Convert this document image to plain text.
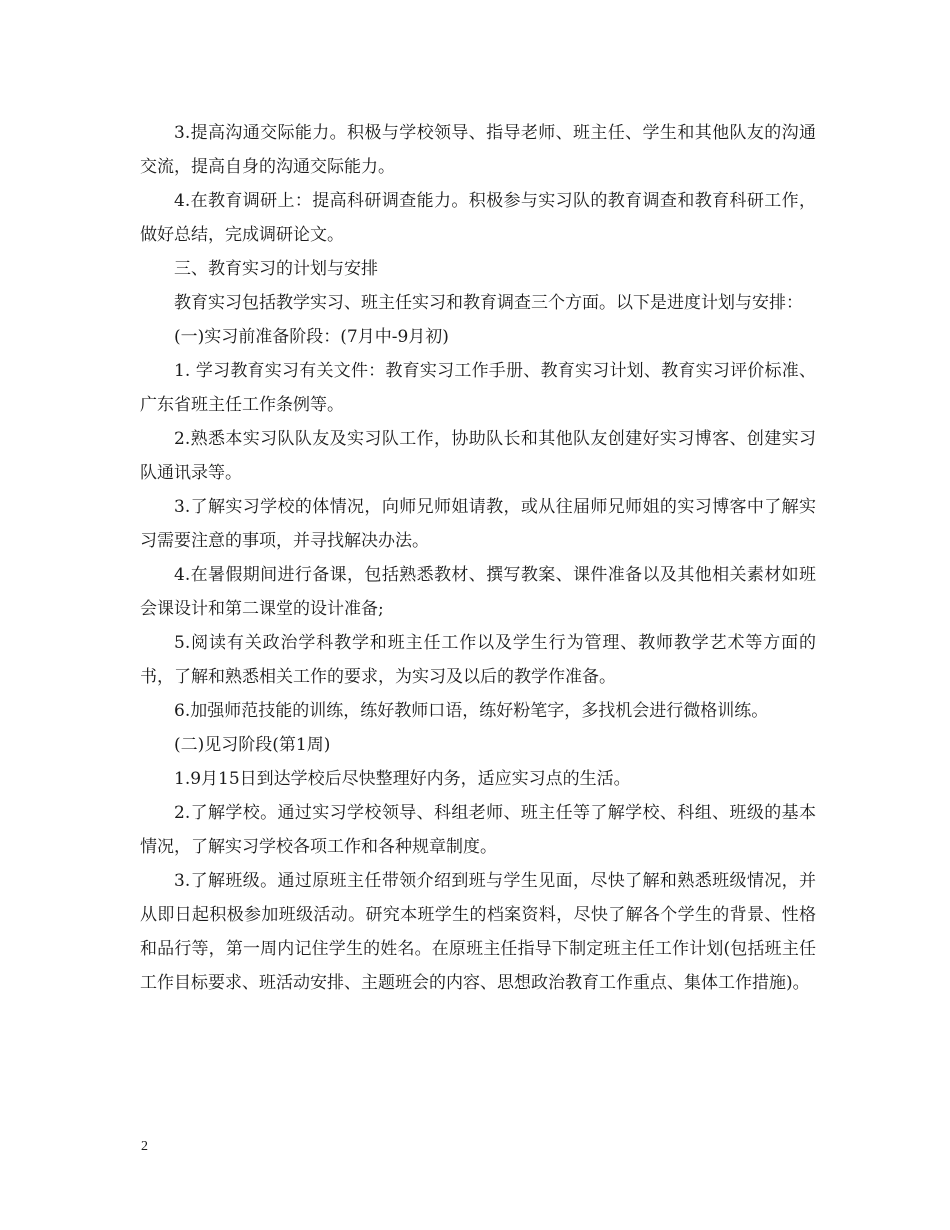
3.提高沟通交际能力。积极与学校领导、指导老师、班主任、学生和其他队友的沟通交流，提高自身的沟通交际能力。

4.在教育调研上：提高科研调查能力。积极参与实习队的教育调查和教育科研工作，做好总结，完成调研论文。

三、教育实习的计划与安排

教育实习包括教学实习、班主任实习和教育调查三个方面。以下是进度计划与安排：

(一)实习前准备阶段：(7月中-9月初)

1. 学习教育实习有关文件：教育实习工作手册、教育实习计划、教育实习评价标准、广东省班主任工作条例等。

2.熟悉本实习队队友及实习队工作，协助队长和其他队友创建好实习博客、创建实习队通讯录等。

3.了解实习学校的体情况，向师兄师姐请教，或从往届师兄师姐的实习博客中了解实习需要注意的事项，并寻找解决办法。

4.在暑假期间进行备课，包括熟悉教材、撰写教案、课件准备以及其他相关素材如班会课设计和第二课堂的设计准备;

5.阅读有关政治学科教学和班主任工作以及学生行为管理、教师教学艺术等方面的书，了解和熟悉相关工作的要求，为实习及以后的教学作准备。

6.加强师范技能的训练，练好教师口语，练好粉笔字，多找机会进行微格训练。

(二)见习阶段(第1周)

1.9月15日到达学校后尽快整理好内务，适应实习点的生活。

2.了解学校。通过实习学校领导、科组老师、班主任等了解学校、科组、班级的基本情况，了解实习学校各项工作和各种规章制度。

3.了解班级。通过原班主任带领介绍到班与学生见面，尽快了解和熟悉班级情况，并从即日起积极参加班级活动。研究本班学生的档案资料，尽快了解各个学生的背景、性格和品行等，第一周内记住学生的姓名。在原班主任指导下制定班主任工作计划(包括班主任工作目标要求、班活动安排、主题班会的内容、思想政治教育工作重点、集体工作措施)。

2
